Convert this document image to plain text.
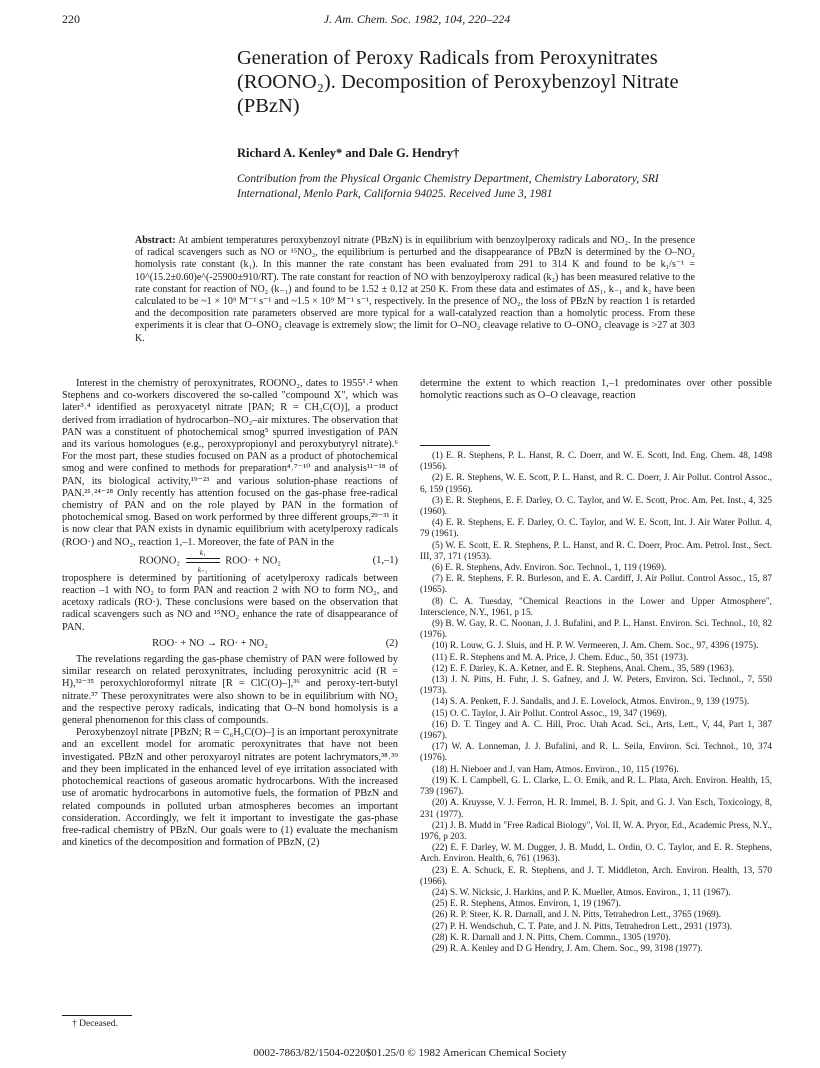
220	J. Am. Chem. Soc. 1982, 104, 220–224
Generation of Peroxy Radicals from Peroxynitrates (ROONO₂). Decomposition of Peroxybenzoyl Nitrate (PBzN)
Richard A. Kenley* and Dale G. Hendry†
Contribution from the Physical Organic Chemistry Department, Chemistry Laboratory, SRI International, Menlo Park, California 94025. Received June 3, 1981
Abstract: At ambient temperatures peroxybenzoyl nitrate (PBzN) is in equilibrium with benzoylperoxy radicals and NO₂. In the presence of radical scavengers such as NO or ¹⁵NO₂, the equilibrium is perturbed and the disappearance of PBzN is determined by the O–NO₂ homolysis rate constant (k₁). In this manner the rate constant has been evaluated from 291 to 314 K and found to be k₁/s⁻¹ = 10^(15.2±0.60)e^(-25900±910/RT). The rate constant for reaction of NO with benzoylperoxy radical (k₂) has been measured relative to the rate constant for reaction of NO₂ (k₋₁) and found to be 1.52 ± 0.12 at 250 K. From these data and estimates of ΔS₁, k₋₁ and k₂ have been calculated to be ~1 × 10⁹ M⁻¹ s⁻¹ and ~1.5 × 10⁹ M⁻¹ s⁻¹, respectively. In the presence of NO₂, the loss of PBzN by reaction 1 is retarded and the decomposition rate parameters observed are more typical for a wall-catalyzed reaction than a homolytic process. From these experiments it is clear that O–ONO₂ cleavage is extremely slow; the limit for O–NO₂ cleavage relative to O–ONO₂ cleavage is >27 at 303 K.

Interest in the chemistry of peroxynitrates, ROONO₂, dates to 1955¹˒² when Stephens and co-workers discovered the so-called "compound X", which was later³˒⁴ identified as peroxyacetyl nitrate [PAN; R = CH₃C(O)], a product derived from irradiation of hydrocarbon–NO₂–air mixtures. The observation that PAN was a constituent of photochemical smog⁵ spurred investigation of PAN and its various homologues (e.g., peroxypropionyl and peroxybutyryl nitrate).⁶ For the most part, these studies focused on PAN as a product of photochemical smog and were confined to methods for preparation⁴˒⁷⁻¹⁰ and analysis¹¹⁻¹⁸ of PAN, its biological activity,¹⁹⁻²³ and various solution-phase reactions of PAN.²¹˒²⁴⁻²⁸ Only recently has attention focused on the gas-phase free-radical chemistry of PAN and on the role played by PAN in the formation of photochemical smog. Based on work performed by three different groups,²⁹⁻³¹ it is now clear that PAN exists in dynamic equilibrium with acetylperoxy radicals (ROO·) and NO₂, reaction 1,–1. Moreover, the fate of PAN in the

ROONO₂ $\frac{\text{k₁}}{\text{k₋₁}} ROO\cdot + NO_2$	(1,–1)

troposphere is determined by partitioning of acetylperoxy radicals between reaction –1 with NO₂ to form PAN and reaction 2 with NO to form NO₂, and acetoxy radicals (RO·). These conclusions were based on the observation that radical scavengers such as NO and ¹⁵NO₂ enhance the rate of disappearance of PAN.

ROO· + NO → RO· + NO₂	(2)

The revelations regarding the gas-phase chemistry of PAN were followed by similar research on related peroxynitrates, including peroxynitric acid (R = H),³²⁻³⁵ peroxychloroformyl nitrate [R = ClC(O)–],³⁶ and peroxy-tert-butyl nitrate.³⁷ These peroxynitrates were also shown to be in equilibrium with NO₂ and the respective peroxy radicals, indicating that O–N bond homolysis is a general phenomenon for this class of compounds.

Peroxybenzoyl nitrate [PBzN; R = C₆H₅C(O)–] is an important peroxynitrate and an excellent model for aromatic peroxynitrates that have not been investigated. PBzN and other peroxyaroyl nitrates are potent lachrymators,³⁸˒³⁹ and they been implicated in the enhanced level of eye irritation associated with photochemical reactions of gaseous aromatic hydrocarbons. With the increased use of aromatic hydrocarbons in automotive fuels, the formation of PBzN and related compounds in polluted urban atmospheres becomes an important consideration. Accordingly, we felt it important to investigate the gas-phase free-radical chemistry of PBzN. Our goals were to (1) evaluate the mechanism and kinetics of the decomposition and formation of PBzN, (2)

† Deceased.

determine the extent to which reaction 1,–1 predominates over other possible homolytic reactions such as O–O cleavage, reaction

(1) E. R. Stephens, P. L. Hanst, R. C. Doerr, and W. E. Scott, Ind. Eng. Chem. 48, 1498 (1956).
(2) E. R. Stephens, W. E. Scott, P. L. Hanst, and R. C. Doerr, J. Air Pollut. Control Assoc., 6, 159 (1956).
(3) E. R. Stephens, E. F. Darley, O. C. Taylor, and W. E. Scott, Proc. Am. Pet. Inst., 4, 325 (1960).
(4) E. R. Stephens, E. F. Darley, O. C. Taylor, and W. E. Scott, Int. J. Air Water Pollut. 4, 79 (1961).
(5) W. E. Scott, E. R. Stephens, P. L. Hanst, and R. C. Doerr, Proc. Am. Petrol. Inst., Sect. III, 37, 171 (1953).
(6) E. R. Stephens, Adv. Environ. Soc. Technol., 1, 119 (1969).
(7) E. R. Stephens, F. R. Burleson, and E. A. Cardiff, J. Air Pollut. Control Assoc., 15, 87 (1965).
(8) C. A. Tuesday, "Chemical Reactions in the Lower and Upper Atmosphere", Interscience, N.Y., 1961, p 15.
(9) B. W. Gay, R. C. Noonan, J. J. Bufalini, and P. L. Hanst. Environ. Sci. Technol., 10, 82 (1976).
(10) R. Louw, G. J. Sluis, and H. P. W. Vermeeren, J. Am. Chem. Soc., 97, 4396 (1975).
(11) E. R. Stephens and M. A. Price, J. Chem. Educ., 50, 351 (1973).
(12) E. F. Darley, K. A. Ketner, and E. R. Stephens, Anal. Chem., 35, 589 (1963).
(13) J. N. Pitts, H. Fuhr, J. S. Gafney, and J. W. Peters, Environ. Sci. Technol., 7, 550 (1973).
(14) S. A. Penkett, F. J. Sandalls, and J. E. Lovelock, Atmos. Environ., 9, 139 (1975).
(15) O. C. Taylor, J. Air Pollut. Control Assoc., 19, 347 (1969).
(16) D. T. Tingey and A. C. Hill, Proc. Utah Acad. Sci., Arts, Lett., V, 44, Part 1, 387 (1967).
(17) W. A. Lonneman, J. J. Bufalini, and R. L. Seila, Environ. Sci. Technol., 10, 374 (1976).
(18) H. Nieboer and J. van Ham, Atmos. Environ., 10, 115 (1976).
(19) K. I. Campbell, G. L. Clarke, L. O. Emik, and R. L. Plata, Arch. Environ. Health, 15, 739 (1967).
(20) A. Kruysse, V. J. Ferron, H. R. Immel, B. J. Spit, and G. J. Van Esch, Toxicology, 8, 231 (1977).
(21) J. B. Mudd in "Free Radical Biology", Vol. II, W. A. Pryor, Ed., Academic Press, N.Y., 1976, p 203.
(22) E. F. Darley, W. M. Dugger, J. B. Mudd, L. Ordin, O. C. Taylor, and E. R. Stephens, Arch. Environ. Health, 6, 761 (1963).
(23) E. A. Schuck, E. R. Stephens, and J. T. Middleton, Arch. Environ. Health, 13, 570 (1966).
(24) S. W. Nicksic, J. Harkins, and P. K. Mueller, Atmos. Environ., 1, 11 (1967).
(25) E. R. Stephens, Atmos. Environ, 1, 19 (1967).
(26) R. P. Steer, K. R. Darnall, and J. N. Pitts, Tetrahedron Lett., 3765 (1969).
(27) P. H. Wendschuh, C. T. Pate, and J. N. Pitts, Tetrahedron Lett., 2931 (1973).
(28) K. R. Darnall and J. N. Pitts, Chem. Commn., 1305 (1970).
(29) R. A. Kenley and D G Hendry, J. Am. Chem. Soc., 99, 3198 (1977).
0002-7863/82/1504-0220$01.25/0 © 1982 American Chemical Society
